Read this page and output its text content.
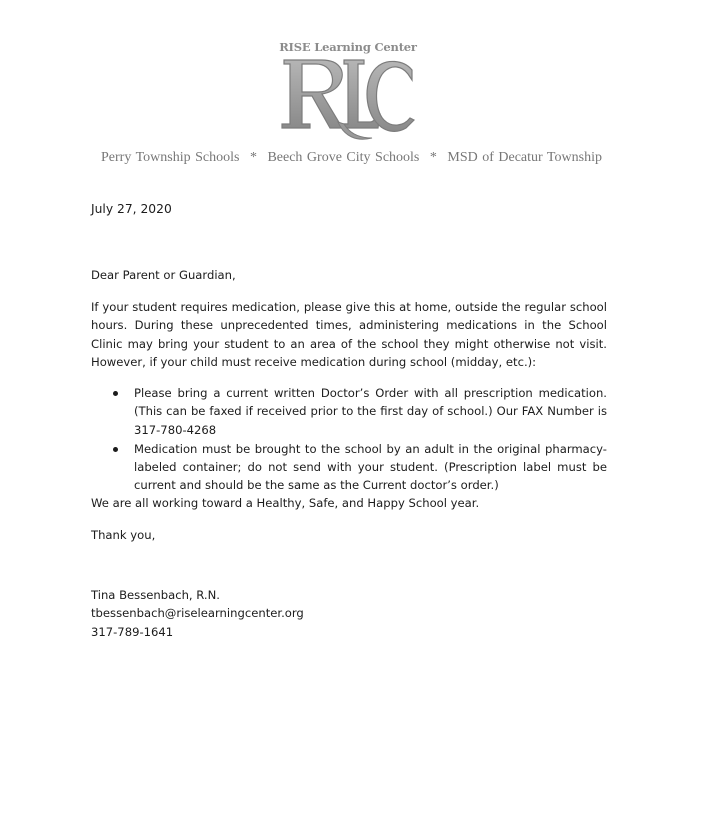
RISE Learning Center
Perry Township Schools * Beech Grove City Schools * MSD of Decatur Township
July 27, 2020
Dear Parent or Guardian,
If your student requires medication, please give this at home, outside the regular school hours. During these unprecedented times, administering medications in the School Clinic may bring your student to an area of the school they might otherwise not visit. However, if your child must receive medication during school (midday, etc.):
Please bring a current written Doctor’s Order with all prescription medication. (This can be faxed if received prior to the first day of school.) Our FAX Number is 317-780-4268
Medication must be brought to the school by an adult in the original pharmacy-labeled container; do not send with your student. (Prescription label must be current and should be the same as the Current doctor’s order.)
We are all working toward a Healthy, Safe, and Happy School year.
Thank you,
Tina Bessenbach, R.N.
tbessenbach@riselearningcenter.org
317-789-1641
